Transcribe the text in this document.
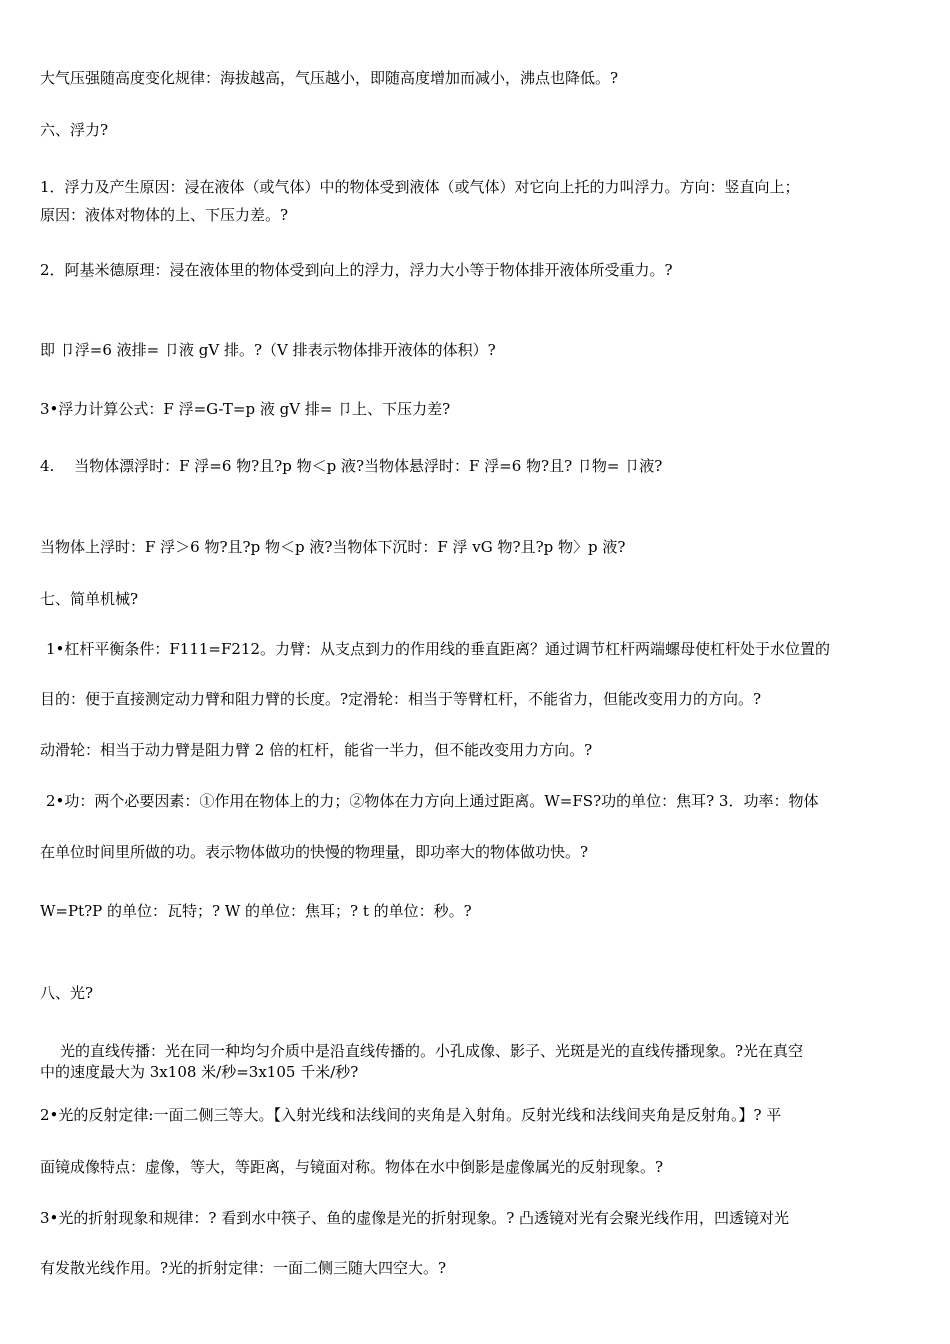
大气压强随高度变化规律：海拔越高，气压越小，即随高度增加而减小，沸点也降低。?
六、浮力?
1．浮力及产生原因：浸在液体（或气体）中的物体受到液体（或气体）对它向上托的力叫浮力。方向：竖直向上；
原因：液体对物体的上、下压力差。?
2．阿基米德原理：浸在液体里的物体受到向上的浮力，浮力大小等于物体排开液体所受重力。?
即 卩浮=6 液排= 卩液 gV 排。?（V 排表示物体排开液体的体积）?
3•浮力计算公式：F 浮=G-T=p 液 gV 排= 卩上、下压力差?
4.　 当物体漂浮时：F 浮=6 物?且?p 物＜p 液?当物体悬浮时：F 浮=6 物?且? 卩物= 卩液?
当物体上浮时：F 浮＞6 物?且?p 物＜p 液?当物体下沉时：F 浮 vG 物?且?p 物〉p 液?
七、简单机械?
1•杠杆平衡条件：F111=F212。力臂：从支点到力的作用线的垂直距离？通过调节杠杆两端螺母使杠杆处于水位置的
目的：便于直接测定动力臂和阻力臂的长度。?定滑轮：相当于等臂杠杆，不能省力，但能改变用力的方向。?
动滑轮：相当于动力臂是阻力臂 2 倍的杠杆，能省一半力，但不能改变用力方向。?
2•功：两个必要因素：①作用在物体上的力；②物体在力方向上通过距离。W=FS?功的单位：焦耳? 3．功率：物体
在单位时间里所做的功。表示物体做功的快慢的物理量，即功率大的物体做功快。?
W=Pt?P 的单位：瓦特；? W 的单位：焦耳；? t 的单位：秒。?
八、光?
光的直线传播：光在同一种均匀介质中是沿直线传播的。小孔成像、影子、光斑是光的直线传播现象。?光在真空
中的速度最大为 3x108 米/秒=3x105 千米/秒?
2•光的反射定律:一面二侧三等大。【入射光线和法线间的夹角是入射角。反射光线和法线间夹角是反射角。】? 平
面镜成像特点：虚像，等大，等距离，与镜面对称。物体在水中倒影是虚像属光的反射现象。?
3•光的折射现象和规律：? 看到水中筷子、鱼的虚像是光的折射现象。? 凸透镜对光有会聚光线作用，凹透镜对光
有发散光线作用。?光的折射定律：一面二侧三随大四空大。?
